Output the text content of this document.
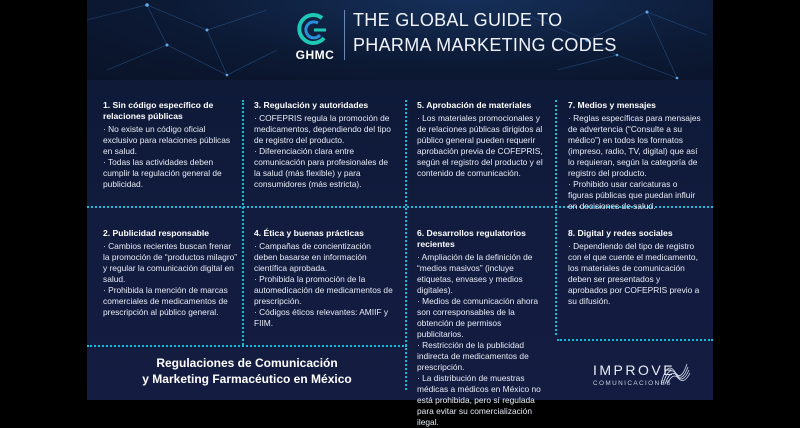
GHMC
THE GLOBAL GUIDE TO
PHARMA MARKETING CODES
1. Sin código específico de relaciones públicas

· No existe un código oficial exclusivo para relaciones públicas en salud.

· Todas las actividades deben cumplir la regulación general de publicidad.

2. Publicidad responsable

· Cambios recientes buscan frenar la promoción de “productos milagro” y regular la comunicación digital en salud.

· Prohibida la mención de marcas comerciales de medicamentos de prescripción al público general.

3. Regulación y autoridades

· COFEPRIS regula la promoción de medicamentos, dependiendo del tipo de registro del producto.

· Diferenciación clara entre comunicación para profesionales de la salud (más flexible) y para consumidores (más estricta).

4. Ética y buenas prácticas

· Campañas de concientización deben basarse en información científica aprobada.

· Prohibida la promoción de la automedicación de medicamentos de prescripción.

· Códigos éticos relevantes: AMIIF y FIIM.

5. Aprobación de materiales

· Los materiales promocionales y de relaciones públicas dirigidos al público general pueden requerir aprobación previa de COFEPRIS, según el registro del producto y el contenido de comunicación.

6. Desarrollos regulatorios recientes

· Ampliación de la definición de “medios masivos” (incluye etiquetas, envases y medios digitales).

· Medios de comunicación ahora son corresponsables de la obtención de permisos publicitarios.

· Restricción de la publicidad indirecta de medicamentos de prescripción.

· La distribución de muestras médicas a médicos en México no está prohibida, pero sí regulada para evitar su comercialización ilegal.

7. Medios y mensajes

· Reglas específicas para mensajes de advertencia (“Consulte a su médico”) en todos los formatos (impreso, radio, TV, digital) que así lo requieran, según la categoría de registro del producto.

· Prohibido usar caricaturas o figuras públicas que puedan influir en decisiones de salud.

8. Digital y redes sociales

· Dependiendo del tipo de registro con el que cuente el medicamento, los materiales de comunicación deben ser presentados y aprobados por COFEPRIS previo a su difusión.

Regulaciones de Comunicación
y Marketing Farmacéutico en México
IMPROVE
COMUNICACIONES
